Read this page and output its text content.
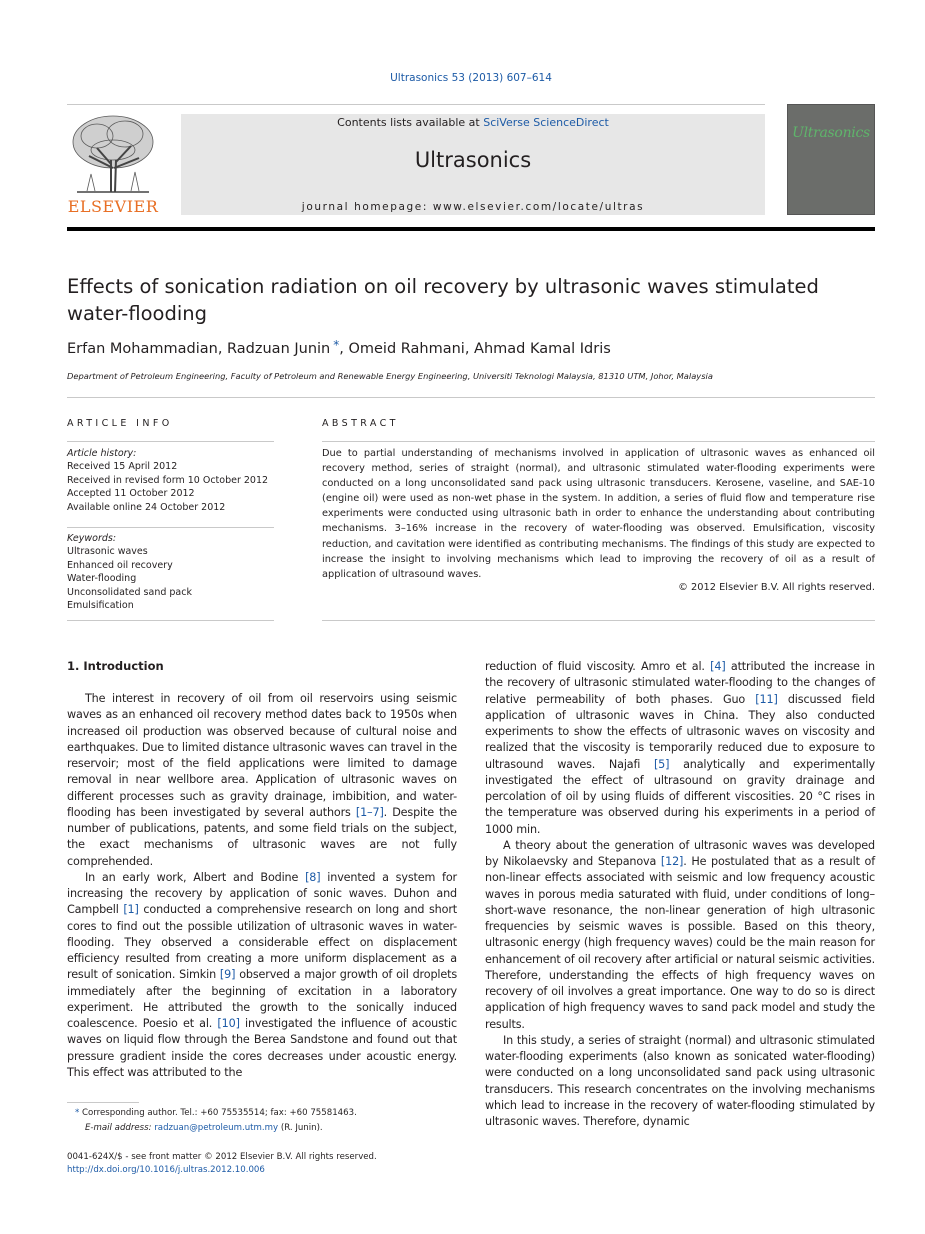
Ultrasonics 53 (2013) 607–614
ELSEVIER
Contents lists available at SciVerse ScienceDirect
Ultrasonics
journal homepage: www.elsevier.com/locate/ultras
Ultrasonics
Effects of sonication radiation on oil recovery by ultrasonic waves stimulated water-flooding
Erfan Mohammadian, Radzuan Junin *, Omeid Rahmani, Ahmad Kamal Idris
Department of Petroleum Engineering, Faculty of Petroleum and Renewable Energy Engineering, Universiti Teknologi Malaysia, 81310 UTM, Johor, Malaysia
ARTICLE INFO	ABSTRACT
Article history:
Received 15 April 2012
Received in revised form 10 October 2012
Accepted 11 October 2012
Available online 24 October 2012
Keywords:
Ultrasonic waves
Enhanced oil recovery
Water-flooding
Unconsolidated sand pack
Emulsification
Due to partial understanding of mechanisms involved in application of ultrasonic waves as enhanced oil recovery method, series of straight (normal), and ultrasonic stimulated water-flooding experiments were conducted on a long unconsolidated sand pack using ultrasonic transducers. Kerosene, vaseline, and SAE-10 (engine oil) were used as non-wet phase in the system. In addition, a series of fluid flow and temperature rise experiments were conducted using ultrasonic bath in order to enhance the understanding about contributing mechanisms. 3–16% increase in the recovery of water-flooding was observed. Emulsification, viscosity reduction, and cavitation were identified as contributing mechanisms. The findings of this study are expected to increase the insight to involving mechanisms which lead to improving the recovery of oil as a result of application of ultrasound waves.
© 2012 Elsevier B.V. All rights reserved.
1. Introduction

The interest in recovery of oil from oil reservoirs using seismic waves as an enhanced oil recovery method dates back to 1950s when increased oil production was observed because of cultural noise and earthquakes. Due to limited distance ultrasonic waves can travel in the reservoir; most of the field applications were limited to damage removal in near wellbore area. Application of ultrasonic waves on different processes such as gravity drainage, imbibition, and water-flooding has been investigated by several authors [1–7]. Despite the number of publications, patents, and some field trials on the subject, the exact mechanisms of ultrasonic waves are not fully comprehended.

In an early work, Albert and Bodine [8] invented a system for increasing the recovery by application of sonic waves. Duhon and Campbell [1] conducted a comprehensive research on long and short cores to find out the possible utilization of ultrasonic waves in water-flooding. They observed a considerable effect on displacement efficiency resulted from creating a more uniform displacement as a result of sonication. Simkin [9] observed a major growth of oil droplets immediately after the beginning of excitation in a laboratory experiment. He attributed the growth to the sonically induced coalescence. Poesio et al. [10] investigated the influence of acoustic waves on liquid flow through the Berea Sandstone and found out that pressure gradient inside the cores decreases under acoustic energy. This effect was attributed to the

reduction of fluid viscosity. Amro et al. [4] attributed the increase in the recovery of ultrasonic stimulated water-flooding to the changes of relative permeability of both phases. Guo [11] discussed field application of ultrasonic waves in China. They also conducted experiments to show the effects of ultrasonic waves on viscosity and realized that the viscosity is temporarily reduced due to exposure to ultrasound waves. Najafi [5] analytically and experimentally investigated the effect of ultrasound on gravity drainage and percolation of oil by using fluids of different viscosities. 20 °C rises in the temperature was observed during his experiments in a period of 1000 min.

A theory about the generation of ultrasonic waves was developed by Nikolaevsky and Stepanova [12]. He postulated that as a result of non-linear effects associated with seismic and low frequency acoustic waves in porous media saturated with fluid, under conditions of long–short-wave resonance, the non-linear generation of high ultrasonic frequencies by seismic waves is possible. Based on this theory, ultrasonic energy (high frequency waves) could be the main reason for enhancement of oil recovery after artificial or natural seismic activities. Therefore, understanding the effects of high frequency waves on recovery of oil involves a great importance. One way to do so is direct application of high frequency waves to sand pack model and study the results.

In this study, a series of straight (normal) and ultrasonic stimulated water-flooding experiments (also known as sonicated water-flooding) were conducted on a long unconsolidated sand pack using ultrasonic transducers. This research concentrates on the involving mechanisms which lead to increase in the recovery of water-flooding stimulated by ultrasonic waves. Therefore, dynamic

* Corresponding author. Tel.: +60 75535514; fax: +60 75581463.
E-mail address: radzuan@petroleum.utm.my (R. Junin).
0041-624X/$ - see front matter © 2012 Elsevier B.V. All rights reserved.
http://dx.doi.org/10.1016/j.ultras.2012.10.006
